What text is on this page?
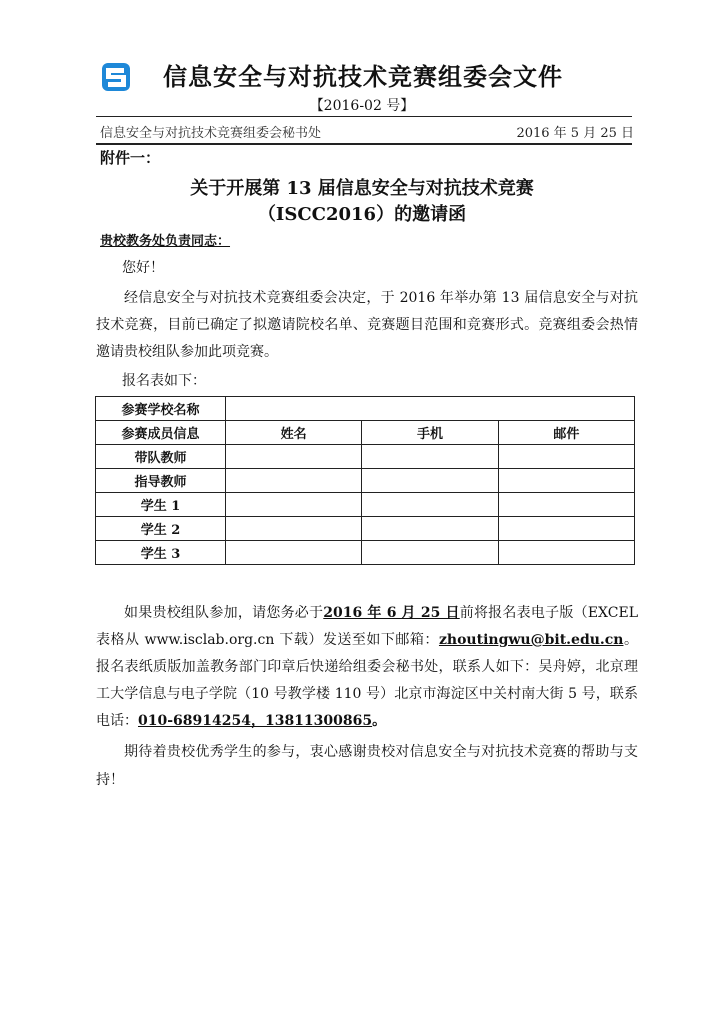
信息安全与对抗技术竞赛组委会文件
【2016-02 号】
信息安全与对抗技术竞赛组委会秘书处	2016 年 5 月 25 日
附件一：
关于开展第 13 届信息安全与对抗技术竞赛
（ISCC2016）的邀请函
贵校教务处负责同志：
您好！
经信息安全与对抗技术竞赛组委会决定，于 2016 年举办第 13 届信息安全与对抗技术竞赛，目前已确定了拟邀请院校名单、竞赛题目范围和竞赛形式。竞赛组委会热情邀请贵校组队参加此项竞赛。
报名表如下：
参赛学校名称			
参赛成员信息	姓名	手机	邮件
带队教师			
指导教师			
学生 1			
学生 2			
学生 3			
如果贵校组队参加，请您务必于2016 年 6 月 25 日前将报名表电子版（EXCEL 表格从 www.isclab.org.cn 下载）发送至如下邮箱：zhoutingwu@bit.edu.cn。报名表纸质版加盖教务部门印章后快递给组委会秘书处，联系人如下：吴舟婷，北京理工大学信息与电子学院（10 号教学楼 110 号）北京市海淀区中关村南大街 5 号，联系电话：010-68914254，13811300865。
期待着贵校优秀学生的参与，衷心感谢贵校对信息安全与对抗技术竞赛的帮助与支持！
